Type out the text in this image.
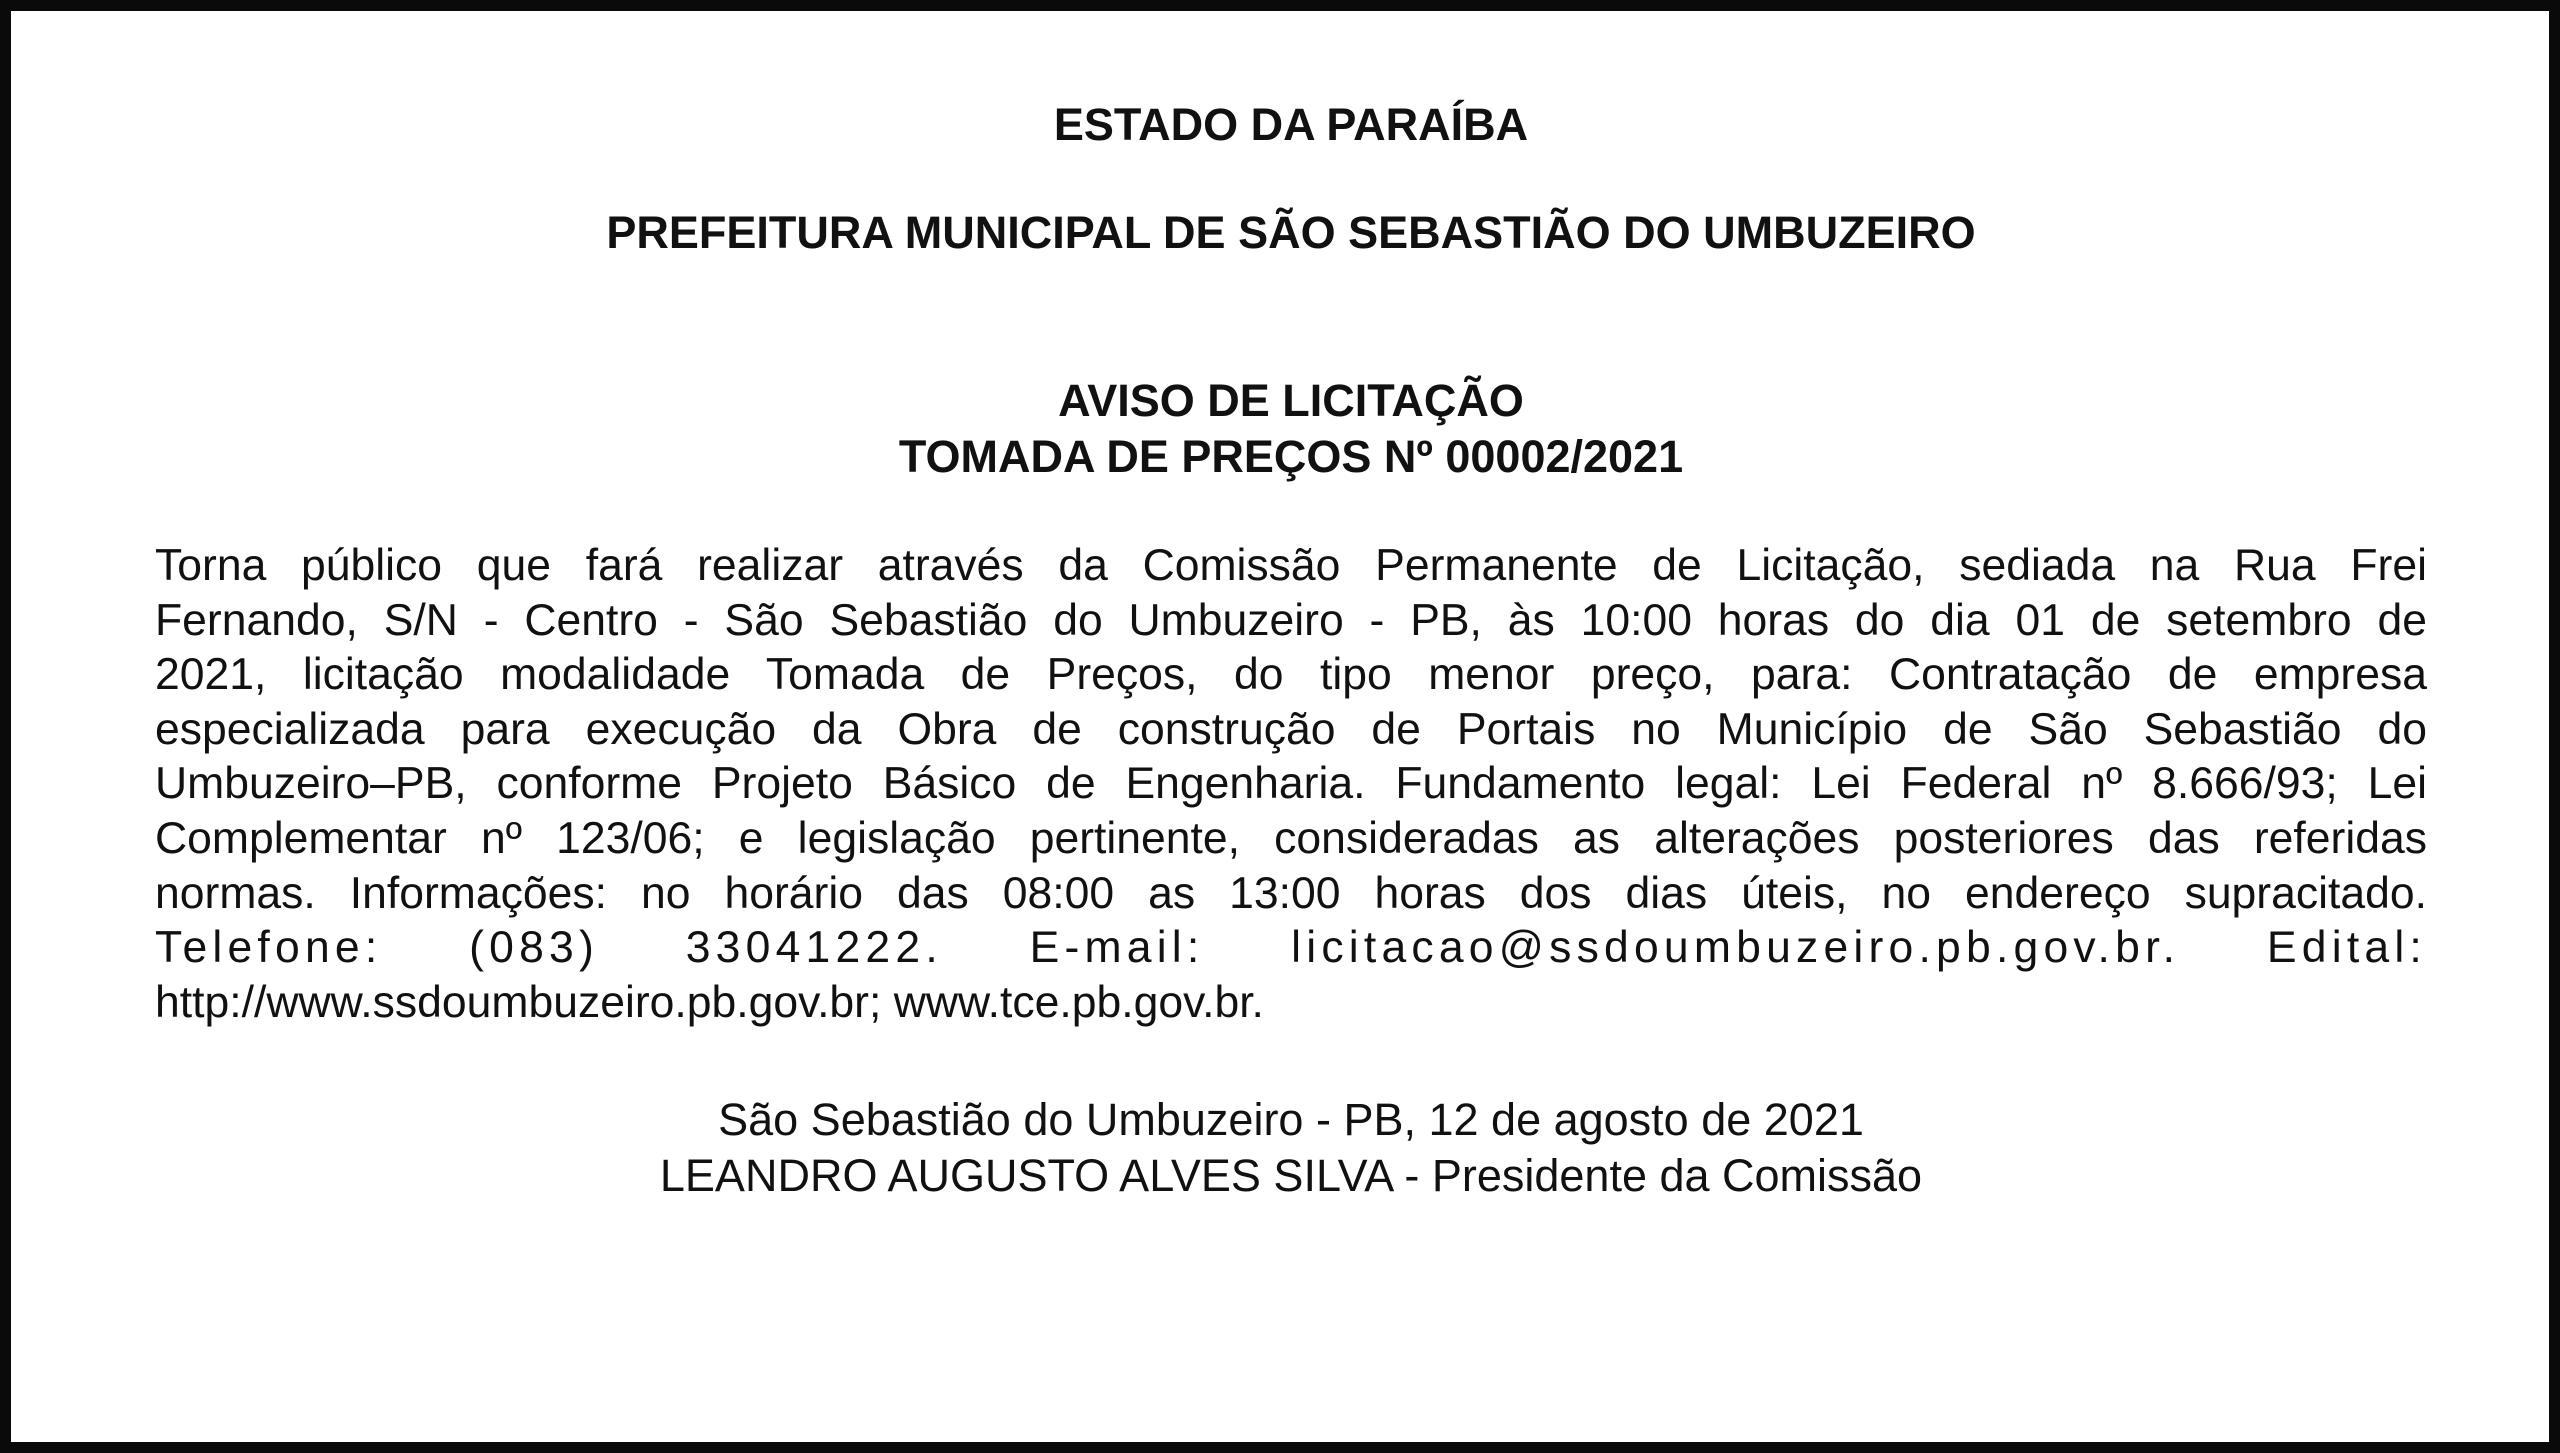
ESTADO DA PARAÍBA
PREFEITURA MUNICIPAL DE SÃO SEBASTIÃO DO UMBUZEIRO
AVISO DE LICITAÇÃO
TOMADA DE PREÇOS Nº 00002/2021
Torna público que fará realizar através da Comissão Permanente de Licitação, sediada na Rua Frei
Fernando, S/N - Centro - São Sebastião do Umbuzeiro - PB, às 10:00 horas do dia 01 de setembro de
2021, licitação modalidade Tomada de Preços, do tipo menor preço, para: Contratação de empresa
especializada para execução da Obra de construção de Portais no Município de São Sebastião do
Umbuzeiro–PB, conforme Projeto Básico de Engenharia. Fundamento legal: Lei Federal nº 8.666/93; Lei
Complementar nº 123/06; e legislação pertinente, consideradas as alterações posteriores das referidas
normas. Informações: no horário das 08:00 as 13:00 horas dos dias úteis, no endereço supracitado.
Telefone: (083) 33041222. E-mail: licitacao@ssdoumbuzeiro.pb.gov.br. Edital:
http://www.ssdoumbuzeiro.pb.gov.br; www.tce.pb.gov.br.
São Sebastião do Umbuzeiro - PB, 12 de agosto de 2021
LEANDRO AUGUSTO ALVES SILVA - Presidente da Comissão
